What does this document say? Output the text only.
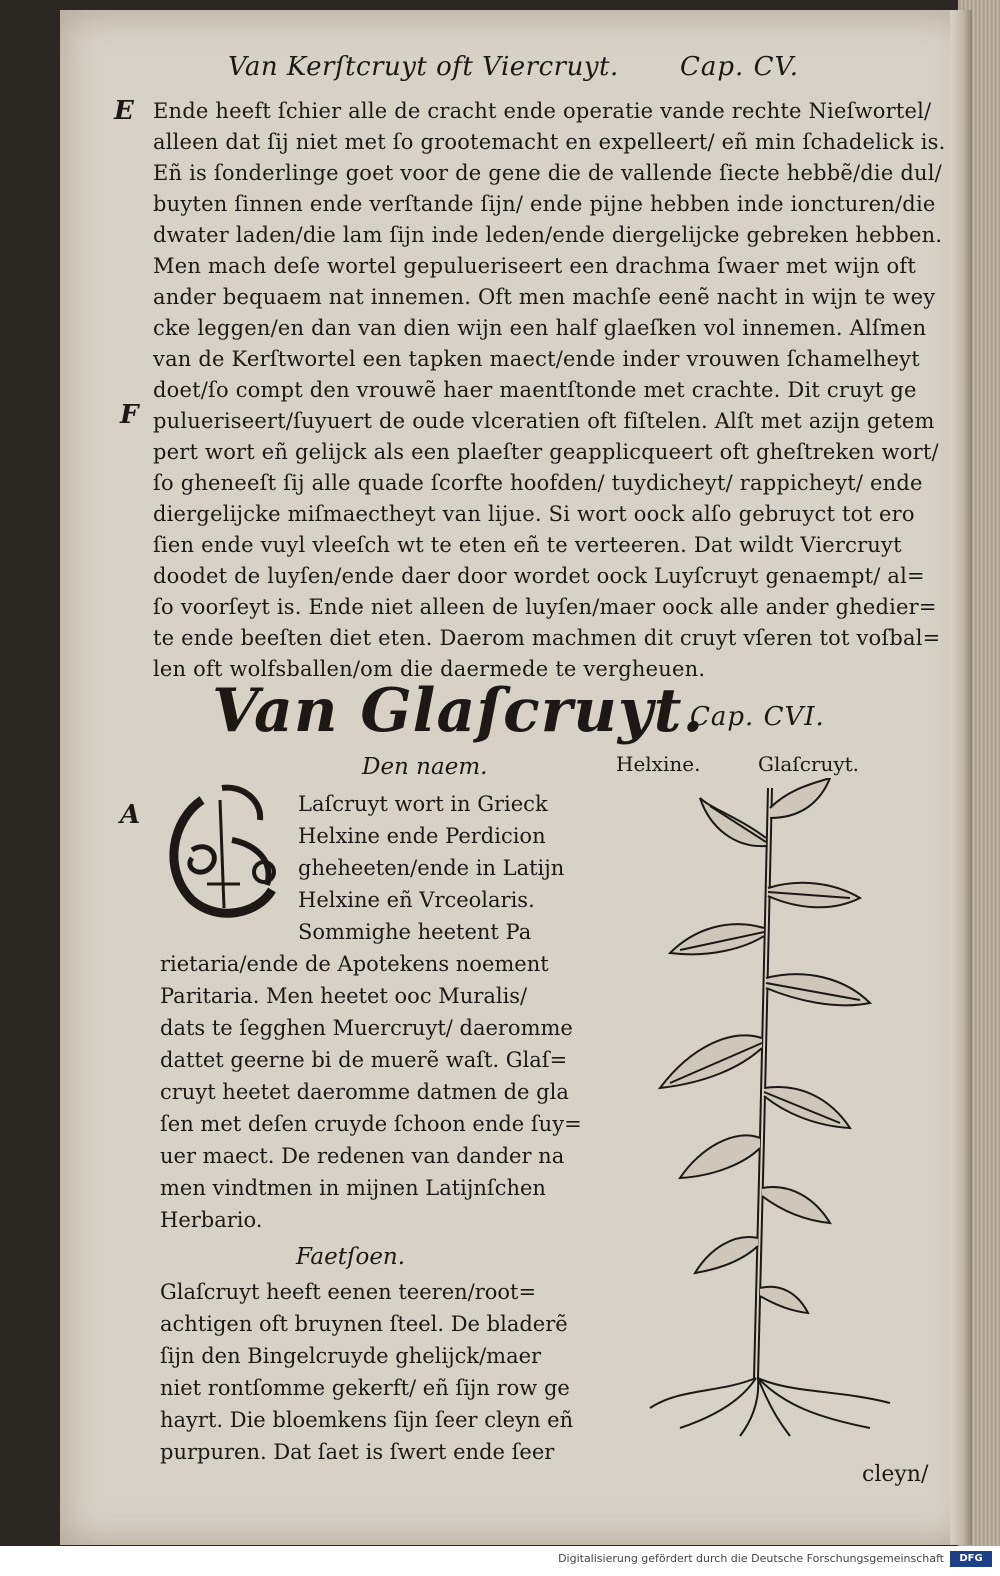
Van Kerſtcruyt oft Viercruyt. Cap. CV.
E
F
Ende heeft ſchier alle de cracht ende operatie vande rechte Nieſwortel/
alleen dat ſij niet met ſo grootemacht en expelleert/ eñ min ſchadelick is.
Eñ is ſonderlinge goet voor de gene die de vallende ſiecte hebbẽ/die dul/
buyten ſinnen ende verſtande ſijn/ ende pijne hebben inde ioncturen/die
dwater laden/die lam ſijn inde leden/ende diergelijcke gebreken hebben.
Men mach deſe wortel gepulueriseert een drachma ſwaer met wijn oft
ander bequaem nat innemen. Oft men machſe eenẽ nacht in wijn te wey
cke leggen/en dan van dien wijn een half glaeſken vol innemen. Alſmen
van de Kerſtwortel een tapken maect/ende inder vrouwen ſchamelheyt
doet/ſo compt den vrouwẽ haer maentſtonde met crachte. Dit cruyt ge
pulueriseert/ſuyuert de oude vlceratien oft fiſtelen. Alſt met azijn getem
pert wort eñ gelijck als een plaeſter geapplicqueert oft gheſtreken wort/
ſo gheneeſt ſij alle quade ſcorfte hoofden/ tuydicheyt/ rappicheyt/ ende
diergelijcke miſmaectheyt van lijue. Si wort oock alſo gebruyct tot ero
ſien ende vuyl vleeſch wt te eten eñ te verteeren. Dat wildt Viercruyt
doodet de luyſen/ende daer door wordet oock Luyſcruyt genaempt/ al=
ſo voorſeyt is. Ende niet alleen de luyſen/maer oock alle ander ghedier=
te ende beeſten diet eten. Daerom machmen dit cruyt vſeren tot voſbal=
len oft wolfsballen/om die daermede te vergheuen.
Van Glaſcruyt.
Cap. CVI.
Den naem.	Helxine.	Glaſcruyt.
A	Laſcruyt wort in Grieck
Helxine ende Perdicion
gheheeten/ende in Latijn
Helxine eñ Vrceolaris.
Sommighe heetent Pa
rietaria/ende de Apotekens noement
Paritaria. Men heetet ooc Muralis/
dats te ſegghen Muercruyt/ daeromme
dattet geerne bi de muerẽ waſt. Glaſ=
cruyt heetet daeromme datmen de gla
ſen met deſen cruyde ſchoon ende ſuy=
uer maect. De redenen van dander na
men vindtmen in mijnen Latijnſchen
Herbario.
Faetſoen.
Glaſcruyt heeft eenen teeren/root=
achtigen oft bruynen ſteel. De bladerẽ
ſijn den Bingelcruyde ghelijck/maer
niet rontſomme gekerft/ eñ ſijn row ge
hayrt. Die bloemkens ſijn ſeer cleyn eñ
purpuren. Dat ſaet is ſwert ende ſeer
cleyn/
Digitalisierung gefördert durch die Deutsche Forschungsgemeinschaft	DFG
